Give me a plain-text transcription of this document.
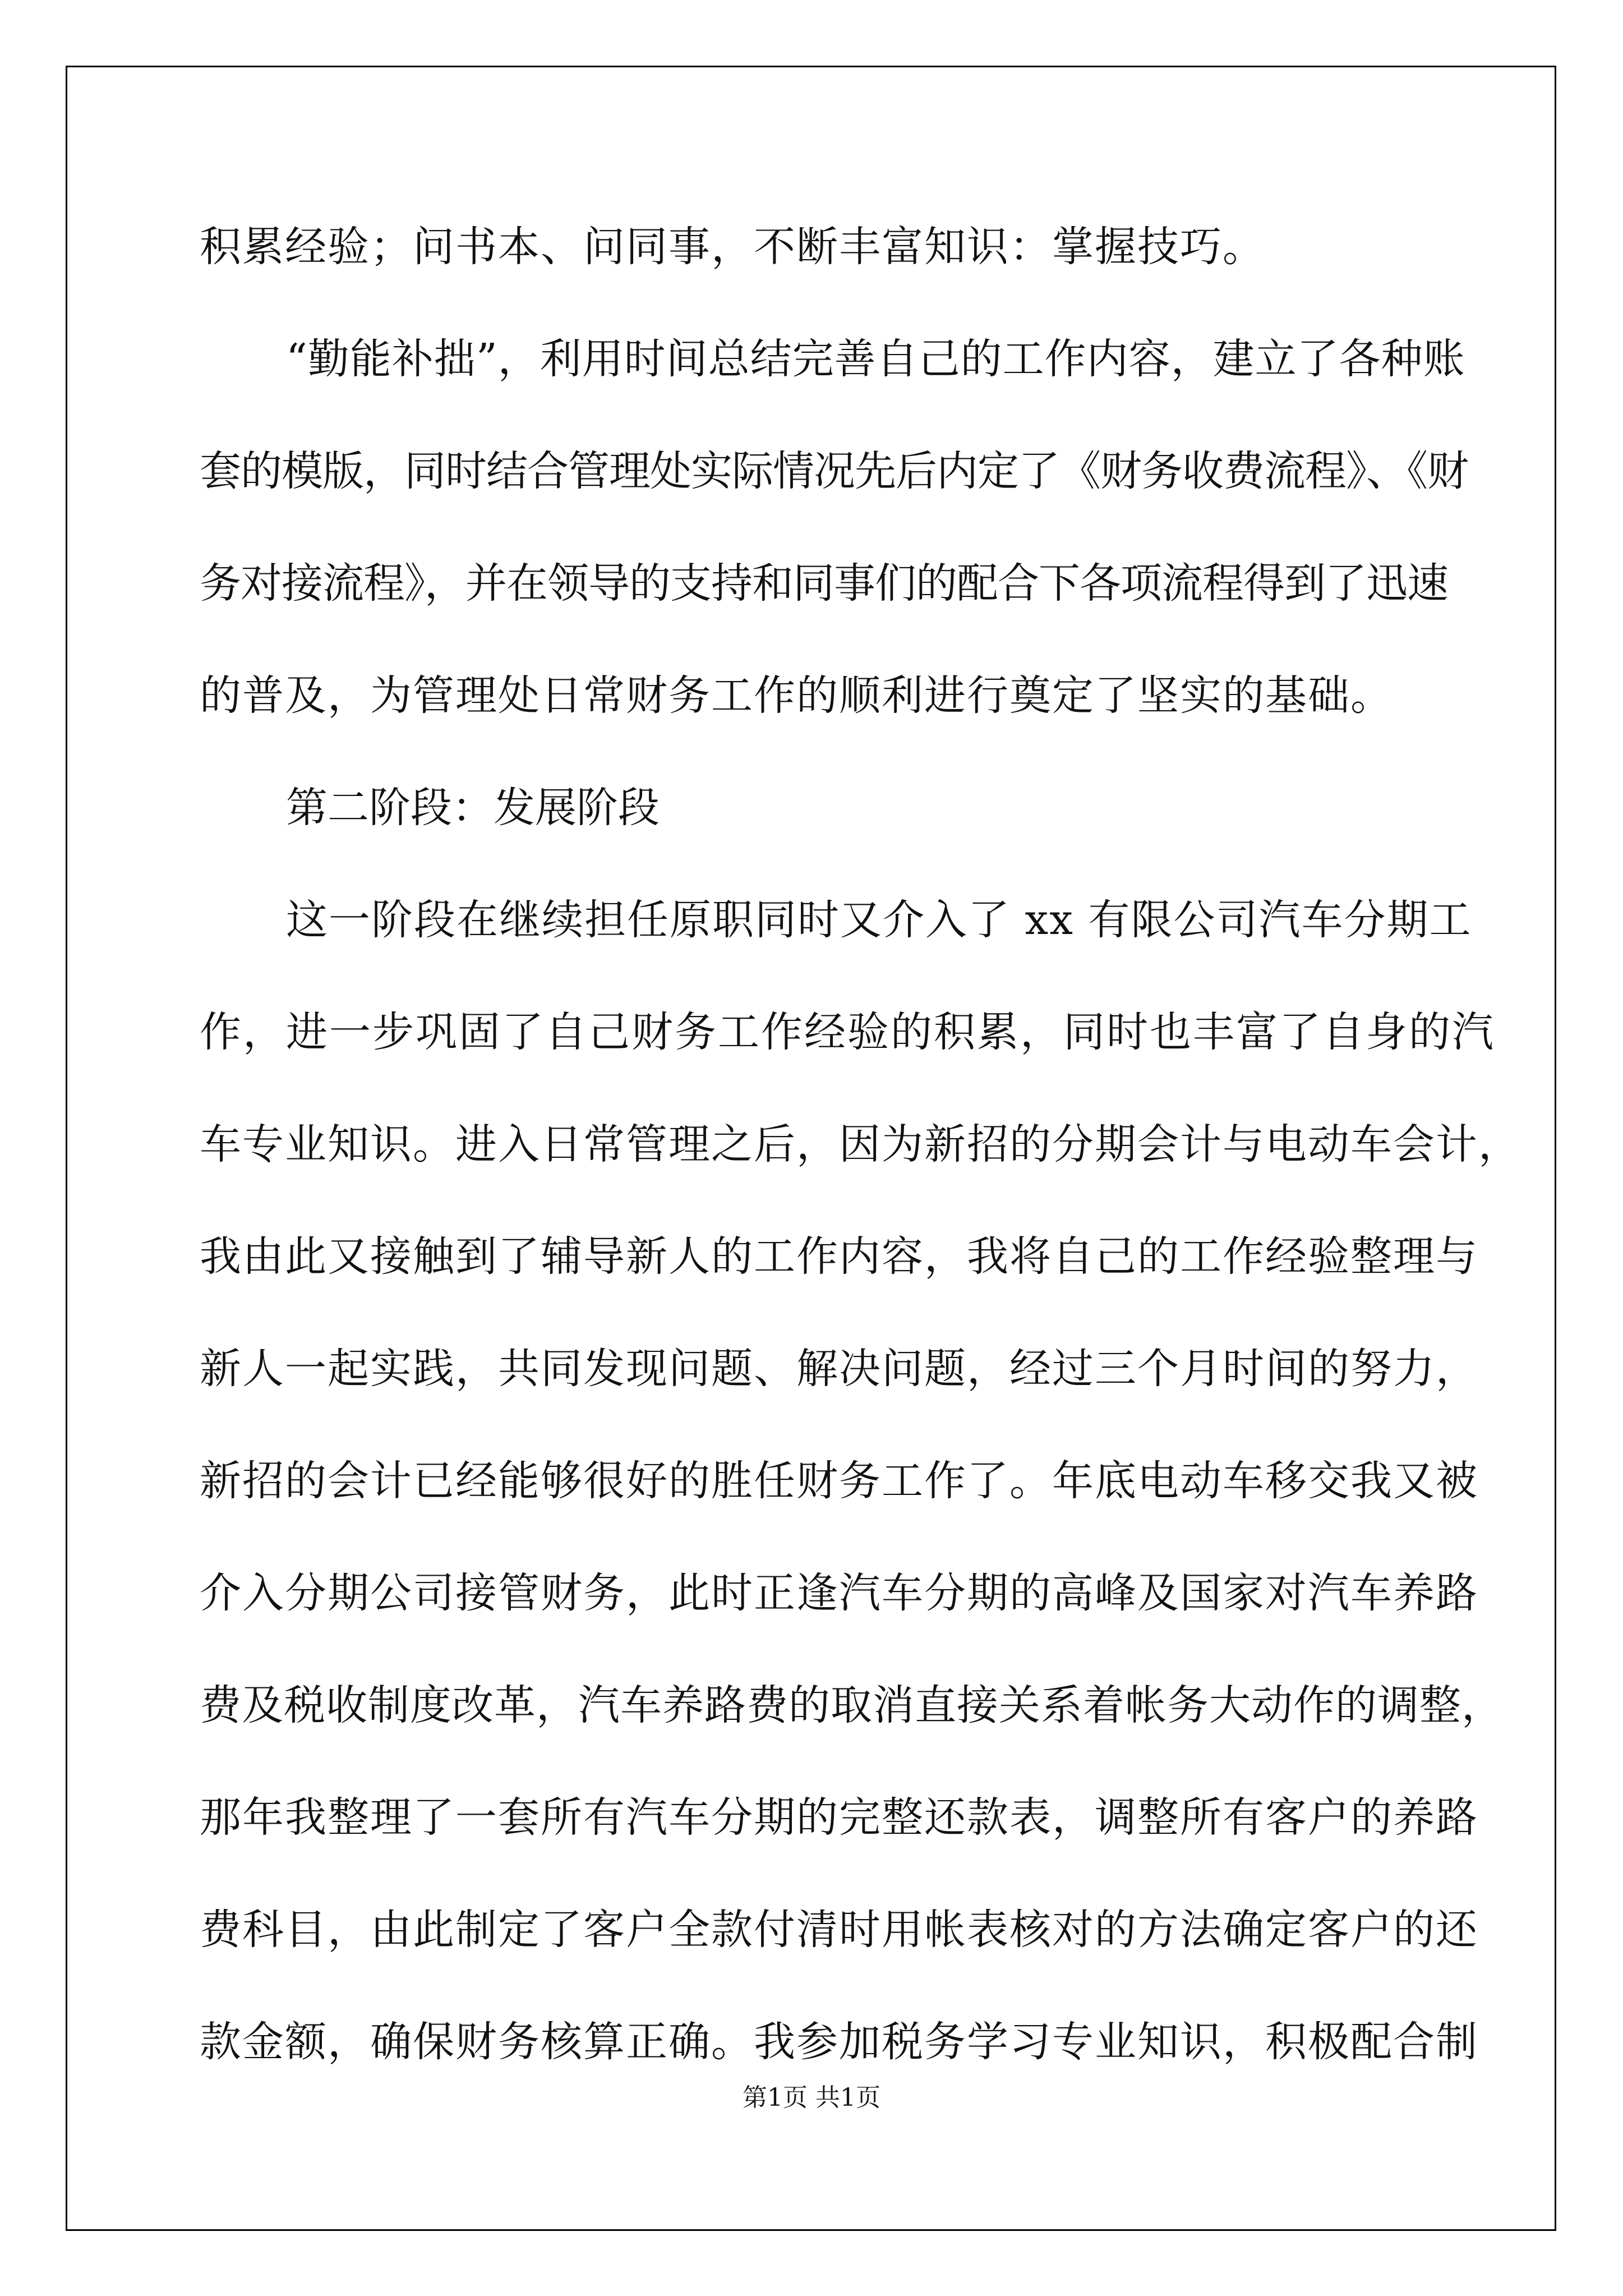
积累经验；问书本、问同事，不断丰富知识：掌握技巧。
“勤能补拙”，利用时间总结完善自己的工作内容，建立了各种账
套的模版，同时结合管理处实际情况先后内定了《财务收费流程》、《财
务对接流程》，并在领导的支持和同事们的配合下各项流程得到了迅速
的普及，为管理处日常财务工作的顺利进行奠定了坚实的基础。
第二阶段：发展阶段
这一阶段在继续担任原职同时又介入了 xx 有限公司汽车分期工
作，进一步巩固了自己财务工作经验的积累，同时也丰富了自身的汽
车专业知识。进入日常管理之后，因为新招的分期会计与电动车会计，
我由此又接触到了辅导新人的工作内容，我将自己的工作经验整理与
新人一起实践，共同发现问题、解决问题，经过三个月时间的努力，
新招的会计已经能够很好的胜任财务工作了。年底电动车移交我又被
介入分期公司接管财务，此时正逢汽车分期的高峰及国家对汽车养路
费及税收制度改革，汽车养路费的取消直接关系着帐务大动作的调整，
那年我整理了一套所有汽车分期的完整还款表，调整所有客户的养路
费科目，由此制定了客户全款付清时用帐表核对的方法确定客户的还
款金额，确保财务核算正确。我参加税务学习专业知识，积极配合制
第1页 共1页
